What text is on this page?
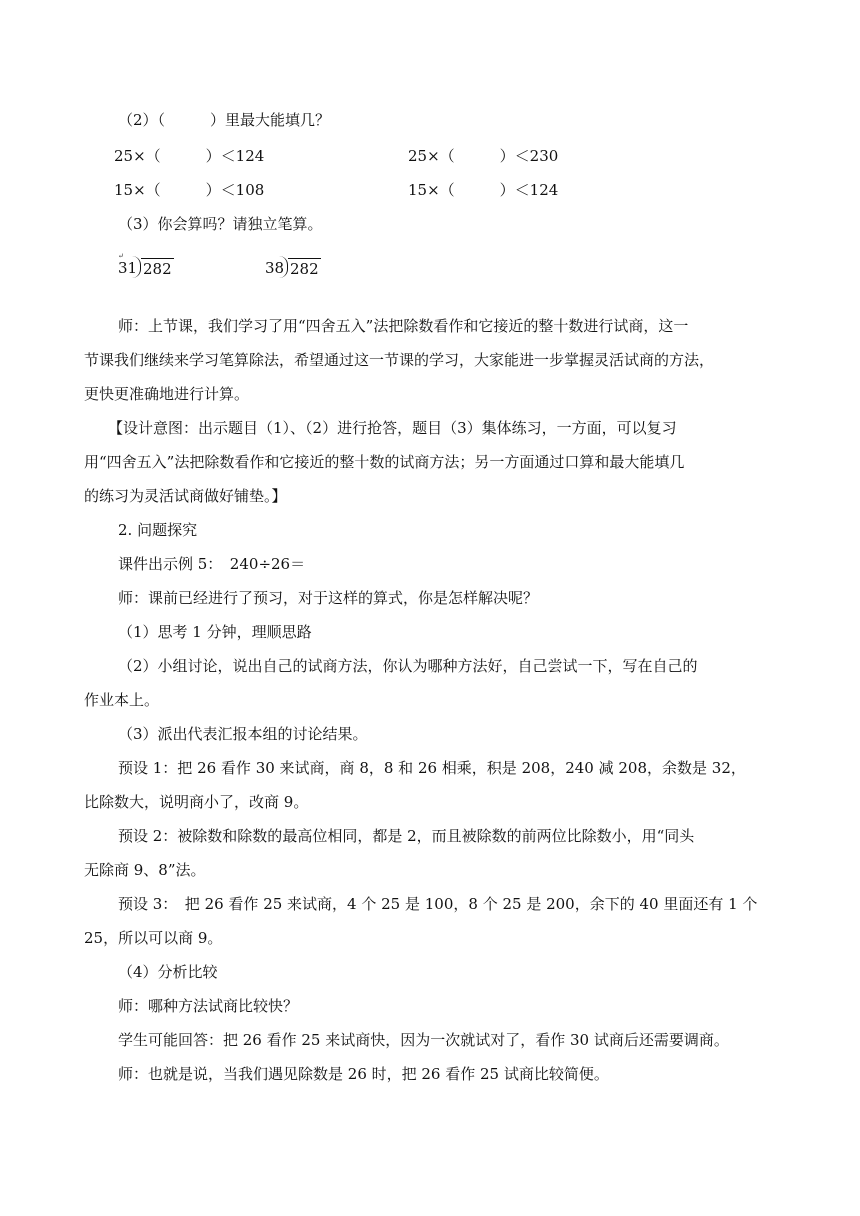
（2）（　　　）里最大能填几？
25×（　　　）＜124	25×（　　　）＜230
15×（　　　）＜108	15×（　　　）＜124
（3）你会算吗？请独立笔算。
↵
31 282	38 282
师：上节课，我们学习了用“四舍五入”法把除数看作和它接近的整十数进行试商，这一
节课我们继续来学习笔算除法，希望通过这一节课的学习，大家能进一步掌握灵活试商的方法，
更快更准确地进行计算。
【设计意图：出示题目（1）、（2）进行抢答，题目（3）集体练习，一方面，可以复习
用“四舍五入”法把除数看作和它接近的整十数的试商方法；另一方面通过口算和最大能填几
的练习为灵活试商做好铺垫。】
2. 问题探究
课件出示例 5：　240÷26＝
师：课前已经进行了预习，对于这样的算式，你是怎样解决呢？
（1）思考 1 分钟，理顺思路
（2）小组讨论，说出自己的试商方法，你认为哪种方法好，自己尝试一下，写在自己的
作业本上。
（3）派出代表汇报本组的讨论结果。
预设 1：把 26 看作 30 来试商，商 8，8 和 26 相乘，积是 208，240 减 208，余数是 32，
比除数大，说明商小了，改商 9。
预设 2：被除数和除数的最高位相同，都是 2，而且被除数的前两位比除数小，用“同头
无除商 9、8”法。
预设 3：　把 26 看作 25 来试商，4 个 25 是 100，8 个 25 是 200，余下的 40 里面还有 1 个
25，所以可以商 9。
（4）分析比较
师：哪种方法试商比较快？
学生可能回答：把 26 看作 25 来试商快，因为一次就试对了，看作 30 试商后还需要调商。
师：也就是说，当我们遇见除数是 26 时，把 26 看作 25 试商比较简便。
